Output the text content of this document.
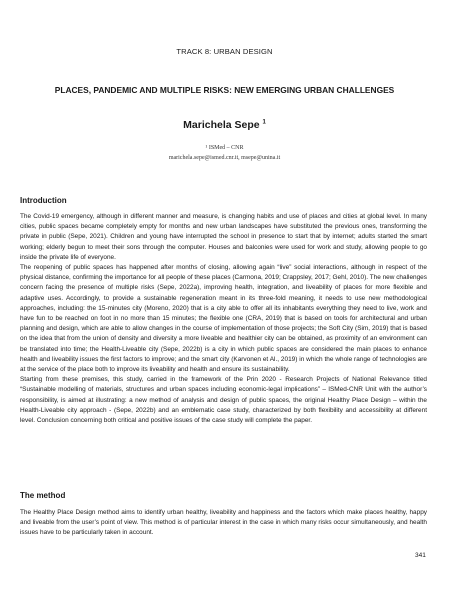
TRACK 8: URBAN DESIGN
PLACES, PANDEMIC AND MULTIPLE RISKS: NEW EMERGING URBAN CHALLENGES
Marichela Sepe $^1$
¹ ISMed – CNR
marichela.sepe@ismed.cnr.it, msepe@unina.it
Introduction

The Covid-19 emergency, although in different manner and measure, is changing habits and use of places and cities at global level. In many cities, public spaces became completely empty for months and new urban landscapes have substituted the previous ones, transforming the private in public (Sepe, 2021). Children and young have interrupted the school in presence to start that by internet; adults started the smart working; elderly begun to meet their sons through the computer. Houses and balconies were used for work and study, allowing people to go inside the private life of everyone.

The reopening of public spaces has happened after months of closing, allowing again “live” social interactions, although in respect of the physical distance, confirming the importance for all people of these places (Carmona, 2019; Crappsley, 2017; Gehl, 2010). The new challenges concern facing the presence of multiple risks (Sepe, 2022a), improving health, integration, and liveability of places for more flexible and adaptive uses. Accordingly, to provide a sustainable regeneration meant in its three-fold meaning, it needs to use new methodological approaches, including: the 15-minutes city (Moreno, 2020) that is a city able to offer all its inhabitants everything they need to live, work and have fun to be reached on foot in no more than 15 minutes; the flexible one (CRA, 2019) that is based on tools for architectural and urban planning and design, which are able to allow changes in the course of implementation of those projects; the Soft City (Sim, 2019) that is based on the idea that from the union of density and diversity a more liveable and healthier city can be obtained, as proximity of an environment can be translated into time; the Health-Liveable city (Sepe, 2022b) is a city in which public spaces are considered the main places to enhance health and liveability issues the first factors to improve; and the smart city (Karvonen et Al., 2019) in which the whole range of technologies are at the service of the place both to improve its liveability and health and ensure its sustainability.

Starting from these premises, this study, carried in the framework of the Prin 2020 - Research Projects of National Relevance titled “Sustainable modelling of materials, structures and urban spaces including economic-legal implications” – ISMed-CNR Unit with the author’s responsibility, is aimed at illustrating: a new method of analysis and design of public spaces, the original Healthy Place Design – within the Health-Liveable city approach - (Sepe, 2022b) and an emblematic case study, characterized by both flexibility and accessibility at different level. Conclusion concerning both critical and positive issues of the case study will complete the paper.

The method

The Healthy Place Design method aims to identify urban healthy, liveability and happiness and the factors which make places healthy, happy and liveable from the user’s point of view. This method is of particular interest in the case in which many risks occur simultaneously, and health issues have to be particularly taken in account.

341
